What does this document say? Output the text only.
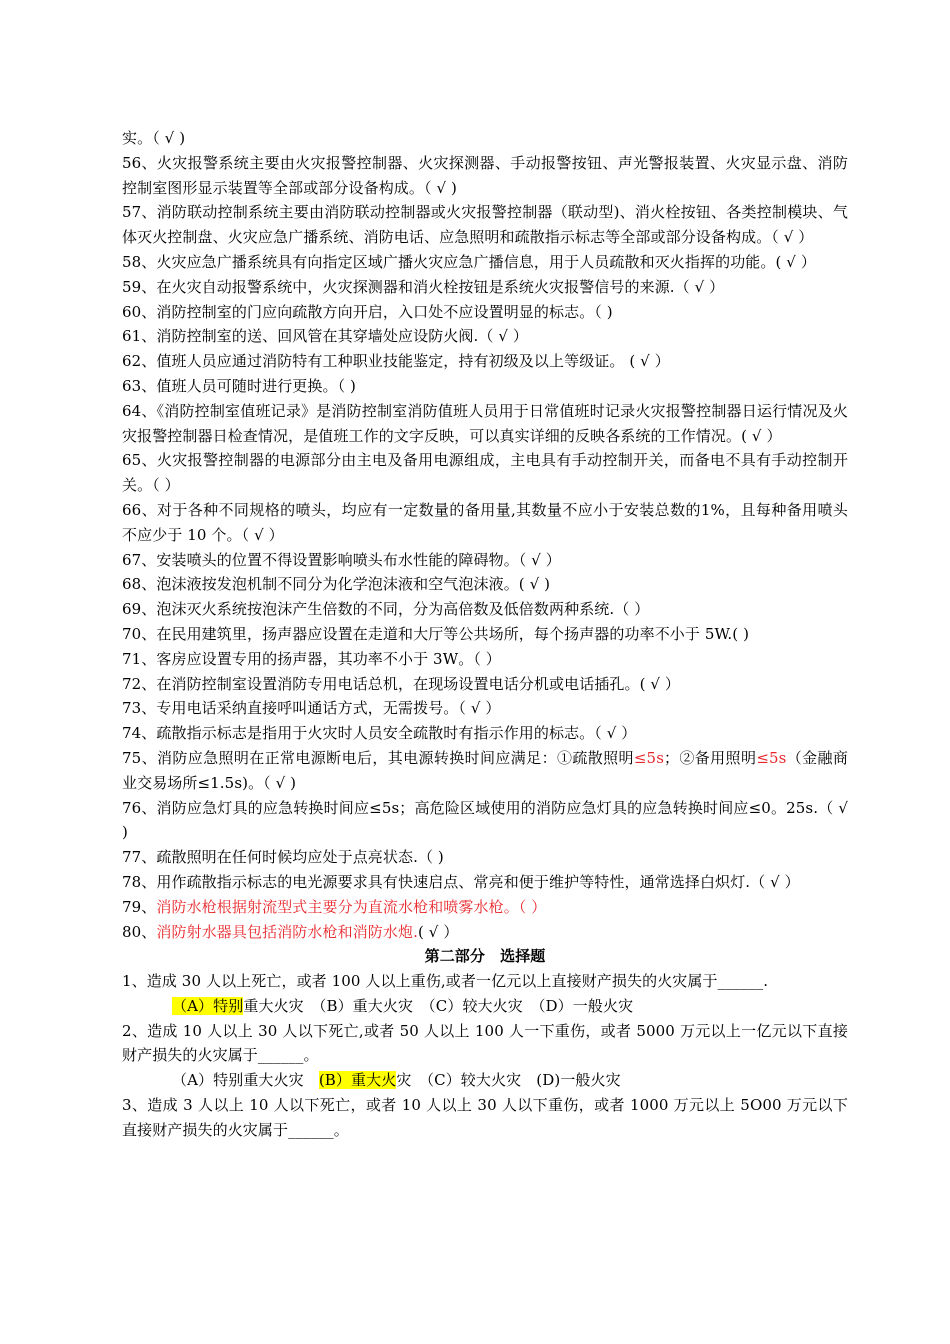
实。（ √ )

56、火灾报警系统主要由火灾报警控制器、火灾探测器、手动报警按钮、声光警报装置、火灾显示盘、消防控制室图形显示装置等全部或部分设备构成。（ √ )

57、消防联动控制系统主要由消防联动控制器或火灾报警控制器（联动型)、消火栓按钮、各类控制模块、气体灭火控制盘、火灾应急广播系统、消防电话、应急照明和疏散指示标志等全部或部分设备构成。（ √ ）

58、火灾应急广播系统具有向指定区域广播火灾应急广播信息，用于人员疏散和灭火指挥的功能。( √ ）

59、在火灾自动报警系统中，火灾探测器和消火栓按钮是系统火灾报警信号的来源.（ √ ）

60、消防控制室的门应向疏散方向开启，入口处不应设置明显的标志。（ )

61、消防控制室的送、回风管在其穿墙处应设防火阀.（ √ ）

62、值班人员应通过消防特有工种职业技能鉴定，持有初级及以上等级证。 ( √ ）

63、值班人员可随时进行更换。（ )

64、《消防控制室值班记录》是消防控制室消防值班人员用于日常值班时记录火灾报警控制器日运行情况及火灾报警控制器日检查情况，是值班工作的文字反映，可以真实详细的反映各系统的工作情况。( √ ）

65、火灾报警控制器的电源部分由主电及备用电源组成，主电具有手动控制开关，而备电不具有手动控制开关。（ ）

66、对于各种不同规格的喷头，均应有一定数量的备用量,其数量不应小于安装总数的1%，且每种备用喷头不应少于 10 个。（ √ ）

67、安装喷头的位置不得设置影响喷头布水性能的障碍物。（ √ ）

68、泡沫液按发泡机制不同分为化学泡沫液和空气泡沫液。( √ )

69、泡沫灭火系统按泡沫产生倍数的不同，分为高倍数及低倍数两种系统.（ ）

70、在民用建筑里，扬声器应设置在走道和大厅等公共场所，每个扬声器的功率不小于 5W.( )

71、客房应设置专用的扬声器，其功率不小于 3W。（ ）

72、在消防控制室设置消防专用电话总机，在现场设置电话分机或电话插孔。( √ ）

73、专用电话采纳直接呼叫通话方式，无需拨号。（ √ ）

74、疏散指示标志是指用于火灾时人员安全疏散时有指示作用的标志。（ √ ）

75、消防应急照明在正常电源断电后，其电源转换时间应满足：①疏散照明≤5s；②备用照明≤5s（金融商业交易场所≤1.5s)。（ √ )

76、消防应急灯具的应急转换时间应≤5s；高危险区域使用的消防应急灯具的应急转换时间应≤0。25s.（ √ )

77、疏散照明在任何时候均应处于点亮状态.（ )

78、用作疏散指示标志的电光源要求具有快速启点、常亮和便于维护等特性，通常选择白炽灯.（ √ ）

79、消防水枪根据射流型式主要分为直流水枪和喷雾水枪。（ ）

80、消防射水器具包括消防水枪和消防水炮.( √ ）

第二部分　选择题

1、造成 30 人以上死亡，或者 100 人以上重伤,或者一亿元以上直接财产损失的火灾属于______.

（A）特别重大火灾　（B）重大火灾　（C）较大火灾　（D）一般火灾

2、造成 10 人以上 30 人以下死亡,或者 50 人以上 100 人一下重伤，或者 5000 万元以上一亿元以下直接财产损失的火灾属于______。

（A）特别重大火灾　(B）重大火灾　（C）较大火灾　(D)一般火灾

3、造成 3 人以上 10 人以下死亡，或者 10 人以上 30 人以下重伤，或者 1000 万元以上 5O00 万元以下直接财产损失的火灾属于______。
